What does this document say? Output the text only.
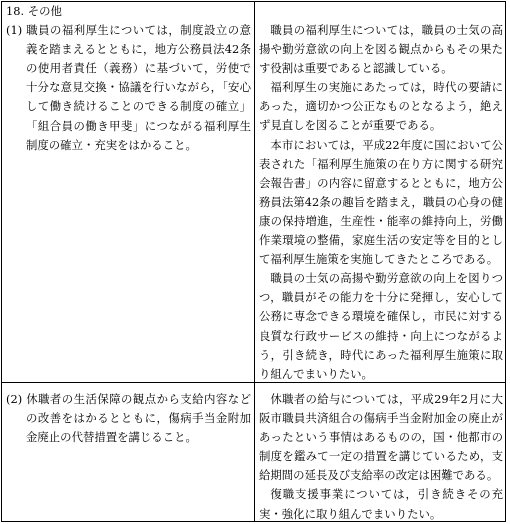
18. その他

(1) 職員の福利厚生については，制度設立の意義を踏まえるとともに，地方公務員法42条の使用者責任（義務）に基づいて，労使で十分な意見交換・協議を行いながら，「安心して働き続けることのできる制度の確立」「組合員の働き甲斐」につながる福利厚生制度の確立・充実をはかること。

職員の福利厚生については，職員の士気の高揚や勤労意欲の向上を図る観点からもその果たす役割は重要であると認識している。

福利厚生の実施にあたっては，時代の要請にあった，適切かつ公正なものとなるよう，絶えず見直しを図ることが重要である。

本市においては，平成22年度に国において公表された「福利厚生施策の在り方に関する研究会報告書」の内容に留意するとともに，地方公務員法第42条の趣旨を踏まえ，職員の心身の健康の保持増進，生産性・能率の維持向上，労働作業環境の整備，家庭生活の安定等を目的として福利厚生施策を実施してきたところである。

職員の士気の高揚や勤労意欲の向上を図りつつ，職員がその能力を十分に発揮し，安心して公務に専念できる環境を確保し，市民に対する良質な行政サービスの維持・向上につながるよう，引き続き，時代にあった福利厚生施策に取り組んでまいりたい。

(2) 休職者の生活保障の観点から支給内容などの改善をはかるとともに，傷病手当金附加金廃止の代替措置を講じること。

休職者の給与については，平成29年2月に大阪市職員共済組合の傷病手当金附加金の廃止があったという事情はあるものの，国・他都市の制度を鑑みて一定の措置を講じているため，支給期間の延長及び支給率の改定は困難である。

復職支援事業については，引き続きその充実・強化に取り組んでまいりたい。
